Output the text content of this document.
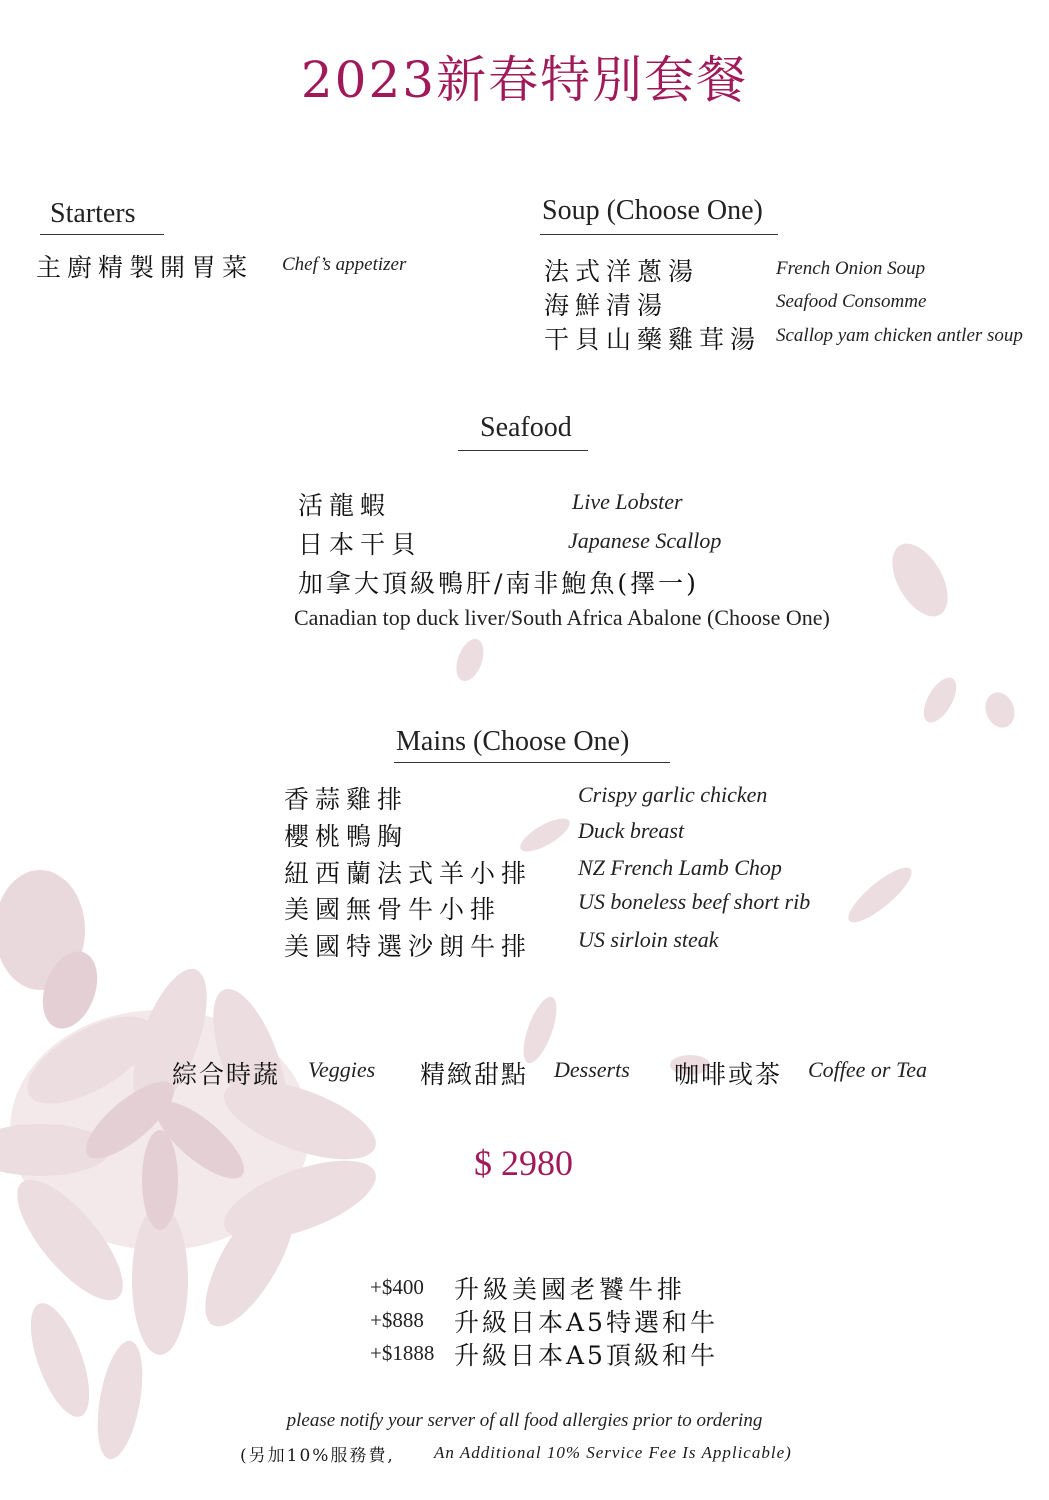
2023新春特別套餐
Starters
主廚精製開胃菜 Chef’s appetizer
Soup (Choose One)
法式洋蔥湯	French Onion Soup
海鮮清湯	Seafood Consomme
干貝山藥雞茸湯 Scallop yam chicken antler soup
Seafood
活龍蝦	Live Lobster
日本干貝	Japanese Scallop
加拿大頂級鴨肝/南非鮑魚(擇一)
Canadian top duck liver/South Africa Abalone (Choose One)
Mains (Choose One)
香蒜雞排	Crispy garlic chicken
櫻桃鴨胸	Duck breast
紐西蘭法式羊小排 NZ French Lamb Chop
美國無骨牛小排	US boneless beef short rib
美國特選沙朗牛排 US sirloin steak
綜合時蔬 Veggies 精緻甜點 Desserts 咖啡或茶 Coffee or Tea
$ 2980
+$400 升級美國老饕牛排
+$888 升級日本A5特選和牛
+$1888 升級日本A5頂級和牛
please notify your server of all food allergies prior to ordering
(另加10%服務費, An Additional 10% Service Fee Is Applicable)
